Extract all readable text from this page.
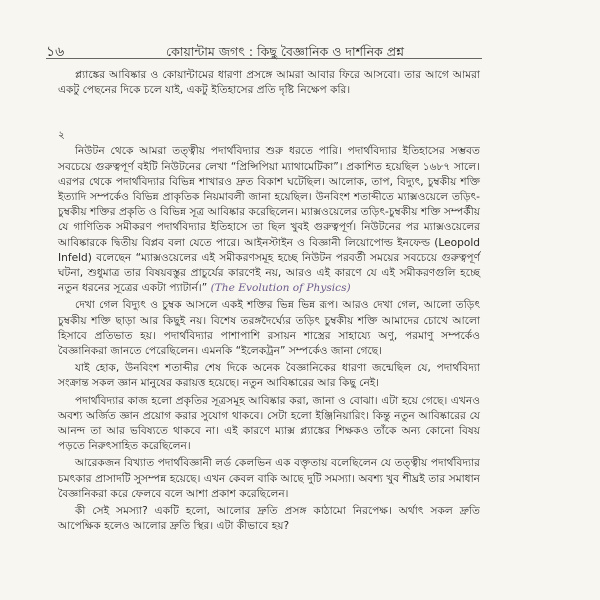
১৬	কোয়ান্টাম জগৎ : কিছু বৈজ্ঞানিক ও দার্শনিক প্রশ্ন

প্ল্যাঙ্কের আবিষ্কার ও কোয়ান্টামের ধারণা প্রসঙ্গে আমরা আবার ফিরে আসবো। তার আগে আমরা একটু পেছনের দিকে চলে যাই, একটু ইতিহাসের প্রতি দৃষ্টি নিক্ষেপ করি।

২

নিউটন থেকে আমরা তত্ত্বীয় পদার্থবিদ্যার শুরু ধরতে পারি। পদার্থবিদ্যার ইতিহাসের সম্ভবত সবচেয়ে গুরুত্বপূর্ণ বইটি নিউটনের লেখা “প্রিন্সিপিয়া ম্যাথামেটিকা”। প্রকাশিত হয়েছিল ১৬৮৭ সালে। এরপর থেকে পদার্থবিদ্যার বিভিন্ন শাখারও দ্রুত বিকাশ ঘটেছিল। আলোক, তাপ, বিদ্যুৎ, চুম্বকীয় শক্তি ইত্যাদি সম্পর্কেও বিভিন্ন প্রাকৃতিক নিয়মাবলী জানা হয়েছিল। উনবিংশ শতাব্দীতে ম্যাক্সওয়েলে তড়িৎ-চুম্বকীয় শক্তির প্রকৃতি ও বিভিন্ন সূত্র আবিষ্কার করেছিলেন। ম্যাক্সওয়েলের তড়িৎ-চুম্বকীয় শক্তি সম্পর্কীয় যে গাণিতিক সমীকরণ পদার্থবিদ্যার ইতিহাসে তা ছিল খুবই গুরুত্বপূর্ণ। নিউটনের পর ম্যাক্সওয়েলের আবিষ্কারকে দ্বিতীয় বিপ্লব বলা যেতে পারে। আইনস্টাইন ও বিজ্ঞানী লিয়োপোল্ড ইনফেল্ড (Leopold Infeld) বলেছেন “ম্যাক্সওয়েলের এই সমীকরণসমূহ হচ্ছে নিউটন পরবর্তী সময়ের সবচেয়ে গুরুত্বপূর্ণ ঘটনা, শুধুমাত্র তার বিষয়বস্তুর প্রাচুর্যের কারণেই নয়, আরও এই কারণে যে এই সমীকরণগুলি হচ্ছে নতুন ধরনের সূত্রের একটা প্যাটার্ন।” (The Evolution of Physics)

দেখা গেল বিদ্যুৎ ও চুম্বক আসলে একই শক্তির ভিন্ন ভিন্ন রূপ। আরও দেখা গেল, আলো তড়িৎ চুম্বকীয় শক্তি ছাড়া আর কিছুই নয়। বিশেষ তরঙ্গদৈর্ঘ্যের তড়িৎ চুম্বকীয় শক্তি আমাদের চোখে আলো হিসাবে প্রতিভাত হয়। পদার্থবিদ্যার পাশাপাশি রসায়ন শাস্ত্রের সাহায্যে অণু, পরমাণু সম্পর্কেও বৈজ্ঞানিকরা জানতে পেরেছিলেন। এমনকি “ইলেকট্রন” সম্পর্কেও জানা গেছে।

যাই হোক, উনবিংশ শতাব্দীর শেষ দিকে অনেক বৈজ্ঞানিকের ধারণা জন্মেছিল যে, পদার্থবিদ্যা সংক্রান্ত সকল জ্ঞান মানুষের করায়ত্ত হয়েছে। নতুন আবিষ্কারের আর কিছু নেই।

পদার্থবিদ্যার কাজ হলো প্রকৃতির সূত্রসমূহ আবিষ্কার করা, জানা ও বোঝা। এটা হয়ে গেছে। এখনও অবশ্য অর্জিত জ্ঞান প্রয়োগ করার সুযোগ থাকবে। সেটা হলো ইঞ্জিনিয়ারিং। কিন্তু নতুন আবিষ্কারের যে আনন্দ তা আর ভবিষ্যতে থাকবে না। এই কারণে ম্যাক্স প্ল্যাঙ্কের শিক্ষকও তাঁকে অন্য কোনো বিষয় পড়তে নিরুৎসাহিত করেছিলেন।

আরেকজন বিখ্যাত পদার্থবিজ্ঞানী লর্ড কেলভিন এক বক্তৃতায় বলেছিলেন যে তত্ত্বীয় পদার্থবিদ্যার চমৎকার প্রাসাদটি সুসম্পন্ন হয়েছে। এখন কেবল বাকি আছে দুটি সমস্যা। অবশ্য খুব শীঘ্রই তার সমাধান বৈজ্ঞানিকরা করে ফেলবে বলে আশা প্রকাশ করেছিলেন।

কী সেই সমস্যা? একটি হলো, আলোর দ্রুতি প্রসঙ্গ কাঠামো নিরপেক্ষ। অর্থাৎ সকল দ্রুতি আপেক্ষিক হলেও আলোর দ্রুতি স্থির। এটা কীভাবে হয়?
